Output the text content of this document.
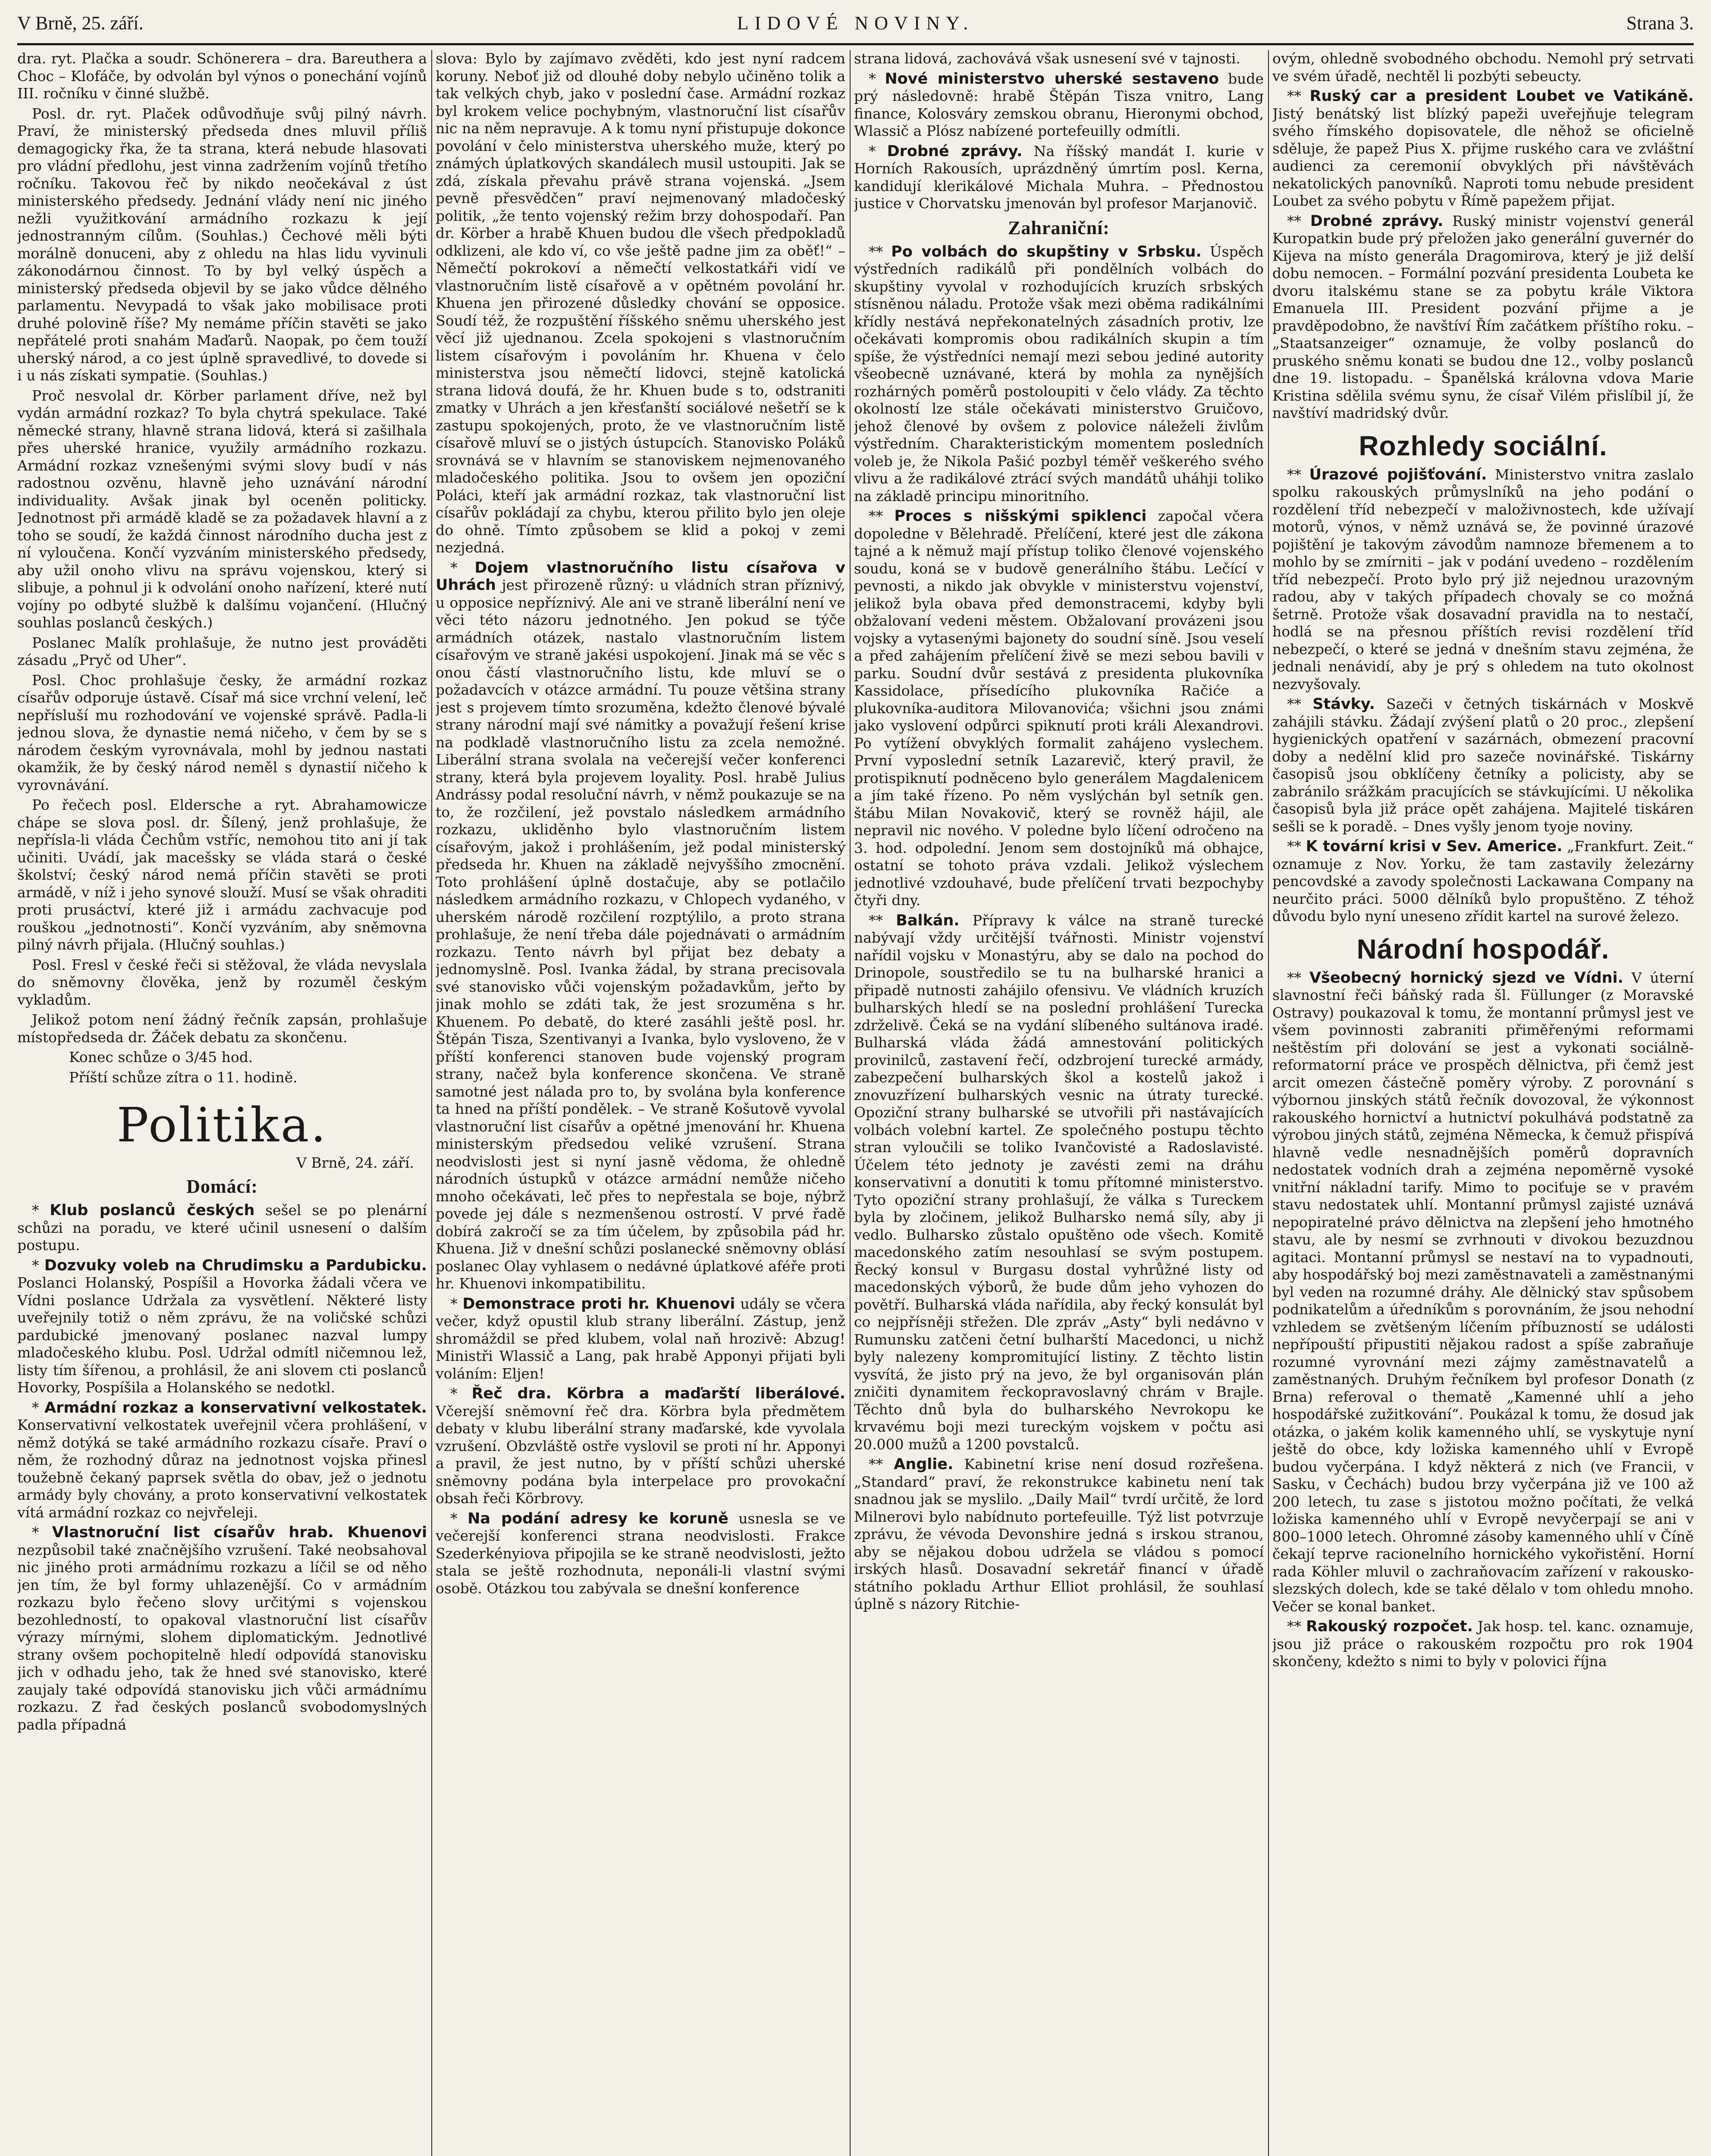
V Brně, 25. září.	LIDOVÉ NOVINY.	Strana 3.

dra. ryt. Plačka a soudr. Schönerera – dra. Bareuthera a Choc – Klofáče, by odvolán byl výnos o ponechání vojínů III. ročníku v činné službě.

Posl. dr. ryt. Plaček odůvodňuje svůj pilný návrh. Praví, že ministerský předseda dnes mluvil příliš demagogicky řka, že ta strana, která nebude hlasovati pro vládní předlohu, jest vinna zadržením vojínů třetího ročníku. Takovou řeč by nikdo neočekával z úst ministerského předsedy. Jednání vlády není nic jiného nežli využitkování armádního rozkazu k její jednostranným cílům. (Souhlas.) Čechové měli býti morálně donuceni, aby z ohledu na hlas lidu vyvinuli zákonodárnou činnost. To by byl velký úspěch a ministerský předseda objevil by se jako vůdce dělného parlamentu. Nevypadá to však jako mobilisace proti druhé polovině říše? My nemáme příčin stavěti se jako nepřátelé proti snahám Maďarů. Naopak, po čem touží uherský národ, a co jest úplně spravedlivé, to dovede si i u nás získati sympatie. (Souhlas.)

Proč nesvolal dr. Körber parlament dříve, než byl vydán armádní rozkaz? To byla chytrá spekulace. Také německé strany, hlavně strana lidová, která si zašilhala přes uherské hranice, využily armádního rozkazu. Armádní rozkaz vznešenými svými slovy budí v nás radostnou ozvěnu, hlavně jeho uznávání národní individuality. Avšak jinak byl oceněn politicky. Jednotnost při armádě kladě se za požadavek hlavní a z toho se soudí, že každá činnost národního ducha jest z ní vyloučena. Končí vyzváním ministerského předsedy, aby užil onoho vlivu na správu vojenskou, který si slibuje, a pohnul ji k odvolání onoho nařízení, které nutí vojíny po odbyté službě k dalšímu vojančení. (Hlučný souhlas poslanců českých.)

Poslanec Malík prohlašuje, že nutno jest prováděti zásadu „Pryč od Uher“.

Posl. Choc prohlašuje česky, že armádní rozkaz císařův odporuje ústavě. Císař má sice vrchní velení, leč nepřísluší mu rozhodování ve vojenské správě. Padla-li jednou slova, že dynastie nemá ničeho, v čem by se s národem českým vyrovnávala, mohl by jednou nastati okamžik, že by český národ neměl s dynastií ničeho k vyrovnávání.

Po řečech posl. Eldersche a ryt. Abrahamowicze chápe se slova posl. dr. Šílený, jenž prohlašuje, že nepřísla-li vláda Čechům vstříc, nemohou tito ani jí tak učiniti. Uvádí, jak macešsky se vláda stará o české školství; český národ nemá příčin stavěti se proti armádě, v níž i jeho synové slouží. Musí se však ohraditi proti prusáctví, které již i armádu zachvacuje pod rouškou „jednotnosti“. Končí vyzváním, aby sněmovna pilný návrh přijala. (Hlučný souhlas.)

Posl. Fresl v české řeči si stěžoval, že vláda nevyslala do sněmovny člověka, jenž by rozuměl českým vykladům.

Jelikož potom není žádný řečník zapsán, prohlašuje místopředseda dr. Žáček debatu za skončenu.

Konec schůze o 3/45 hod.

Příští schůze zítra o 11. hodině.

Politika.
V Brně, 24. září.
Domácí:

* Klub poslanců českých sešel se po plenární schůzi na poradu, ve které učinil usnesení o dalším postupu.

* Dozvuky voleb na Chrudimsku a Pardubicku. Poslanci Holanský, Pospíšil a Hovorka žádali včera ve Vídni poslance Udržala za vysvětlení. Některé listy uveřejnily totiž o něm zprávu, že na voličské schůzi pardubické jmenovaný poslanec nazval lumpy mladočeského klubu. Posl. Udržal odmítl ničemnou lež, listy tím šířenou, a prohlásil, že ani slovem cti poslanců Hovorky, Pospíšila a Holanského se nedotkl.

* Armádní rozkaz a konservativní velkostatek. Konservativní velkostatek uveřejnil včera prohlášení, v němž dotýká se také armádního rozkazu císaře. Praví o něm, že rozhodný důraz na jednotnost vojska přinesl toužebně čekaný paprsek světla do obav, jež o jednotu armády byly chovány, a proto konservativní velkostatek vítá armádní rozkaz co nejvřeleji.

* Vlastnoruční list císařův hrab. Khuenovi nezpůsobil také značnějšího vzrušení. Také neobsahoval nic jiného proti armádnímu rozkazu a líčil se od něho jen tím, že byl formy uhlazenější. Co v armádním rozkazu bylo řečeno slovy určitými s vojenskou bezohledností, to opakoval vlastnoruční list císařův výrazy mírnými, slohem diplomatickým. Jednotlivé strany ovšem pochopitelně hledí odpovídá stanovisku jich v odhadu jeho, tak že hned své stanovisko, které zaujaly také odpovídá stanovisku jich vůči armádnímu rozkazu. Z řad českých poslanců svobodomyslných padla případná

slova: Bylo by zajímavo zvěděti, kdo jest nyní radcem koruny. Neboť již od dlouhé doby nebylo učiněno tolik a tak velkých chyb, jako v poslední čase. Armádní rozkaz byl krokem velice pochybným, vlastnoruční list císařův nic na něm nepravuje. A k tomu nyní přistupuje dokonce povolání v čelo ministerstva uherského muže, který po známých úplatkových skandálech musil ustoupiti. Jak se zdá, získala převahu právě strana vojenská. „Jsem pevně přesvědčen“ praví nejmenovaný mladočeský politik, „že tento vojenský režim brzy dohospodaří. Pan dr. Körber a hrabě Khuen budou dle všech předpokladů odklizeni, ale kdo ví, co vše ještě padne jim za oběť!“ – Němečtí pokrokoví a němečtí velkostatkáři vidí ve vlastnoručním listě císařově a v opětném povolání hr. Khuena jen přirozené důsledky chování se opposice. Soudí též, že rozpuštění říšského sněmu uherského jest věcí již ujednanou. Zcela spokojeni s vlastnoručním listem císařovým i povoláním hr. Khuena v čelo ministerstva jsou němečtí lidovci, stejně katolická strana lidová doufá, že hr. Khuen bude s to, odstraniti zmatky v Uhrách a jen křesťanští sociálové nešetří se k zastupu spokojených, proto, že ve vlastnoručním listě císařově mluví se o jistých ústupcích. Stanovisko Poláků srovnává se v hlavním se stanoviskem nejmenovaného mladočeského politika. Jsou to ovšem jen opoziční Poláci, kteří jak armádní rozkaz, tak vlastnoruční list císařův pokládají za chybu, kterou přilito bylo jen oleje do ohně. Tímto způsobem se klid a pokoj v zemi nezjedná.

* Dojem vlastnoručního listu císařova v Uhrách jest přirozeně různý: u vládních stran příznivý, u opposice nepříznivý. Ale ani ve straně liberální není ve věci této názoru jednotného. Jen pokud se týče armádních otázek, nastalo vlastnoručním listem císařovým ve straně jakési uspokojení. Jinak má se věc s onou částí vlastnoručního listu, kde mluví se o požadavcích v otázce armádní. Tu pouze většina strany jest s projevem tímto srozuměna, kdežto členové bývalé strany národní mají své námitky a považují řešení krise na podkladě vlastnoručního listu za zcela nemožné. Liberální strana svolala na večerejší večer konferenci strany, která byla projevem loyality. Posl. hrabě Julius Andrássy podal resoluční návrh, v němž poukazuje se na to, že rozčilení, jež povstalo následkem armádního rozkazu, ukliděnho bylo vlastnoručním listem císařovým, jakož i prohlášením, jež podal ministerský předseda hr. Khuen na základě nejvyššího zmocnění. Toto prohlášení úplně dostačuje, aby se potlačilo následkem armádního rozkazu, v Chlopech vydaného, v uherském národě rozčilení rozptýlilo, a proto strana prohlašuje, že není třeba dále pojednávati o armádním rozkazu. Tento návrh byl přijat bez debaty a jednomyslně. Posl. Ivanka žádal, by strana precisovala své stanovisko vůči vojenským požadavkům, jeřto by jinak mohlo se zdáti tak, že jest srozuměna s hr. Khuenem. Po debatě, do které zasáhli ještě posl. hr. Štěpán Tisza, Szentivanyi a Ivanka, bylo vysloveno, že v příští konferenci stanoven bude vojenský program strany, načež byla konference skončena. Ve straně samotné jest nálada pro to, by svolána byla konference ta hned na příští pondělek. – Ve straně Košutově vyvolal vlastnoruční list císařův a opětné jmenování hr. Khuena ministerským předsedou veliké vzrušení. Strana neodvislosti jest si nyní jasně vědoma, že ohledně národních ústupků v otázce armádní nemůže ničeho mnoho očekávati, leč přes to nepřestala se boje, nýbrž povede jej dále s nezmenšenou ostrostí. V prvé řadě dobírá zakročí se za tím účelem, by způsobila pád hr. Khuena. Již v dnešní schůzi poslanecké sněmovny oblásí poslanec Olay vyhlasem o nedávné úplatkové aféře proti hr. Khuenovi inkompatibilitu.

* Demonstrace proti hr. Khuenovi udály se včera večer, když opustil klub strany liberální. Zástup, jenž shromáždil se před klubem, volal naň hrozivě: Abzug! Ministři Wlassič a Lang, pak hrabě Apponyi přijati byli voláním: Eljen!

* Řeč dra. Körbra a maďarští liberálové. Včerejší sněmovní řeč dra. Körbra byla předmětem debaty v klubu liberální strany maďarské, kde vyvolala vzrušení. Obzvláště ostře vyslovil se proti ní hr. Apponyi a pravil, že jest nutno, by v příští schůzi uherské sněmovny podána byla interpelace pro provokační obsah řeči Körbrovy.

* Na podání adresy ke koruně usnesla se ve večerejší konferenci strana neodvislosti. Frakce Szederkényiova připojila se ke straně neodvislosti, ježto stala se ještě rozhodnuta, neponáli-li vlastní svými osobě. Otázkou tou zabývala se dnešní konference

strana lidová, zachovává však usnesení své v tajnosti.

* Nové ministerstvo uherské sestaveno bude prý následovně: hrabě Štěpán Tisza vnitro, Lang finance, Kolosváry zemskou obranu, Hieronymi obchod, Wlassič a Plósz nabízené portefeuilly odmítli.

* Drobné zprávy. Na říšský mandát I. kurie v Horních Rakousích, uprázdněný úmrtím posl. Kerna, kandidují klerikálové Michala Muhra. – Přednostou justice v Chorvatsku jmenován byl profesor Marjanovič.

Zahraniční:

** Po volbách do skupštiny v Srbsku. Úspěch výstředních radikálů při pondělních volbách do skupštiny vyvolal v rozhodujících kruzích srbských stísněnou náladu. Protože však mezi oběma radikálními křídly nestává nepřekonatelných zásadních protiv, lze očekávati kompromis obou radikálních skupin a tím spíše, že výstředníci nemají mezi sebou jediné autority všeobecně uznávané, která by mohla za nynějších rozhárných poměrů postoloupiti v čelo vlády. Za těchto okolností lze stále očekávati ministerstvo Gruičovo, jehož členové by ovšem z polovice náleželi živlům výstředním. Charakteristickým momentem posledních voleb je, že Nikola Pašić pozbyl téměř veškerého svého vlivu a že radikálové ztrácí svých mandátů uháhji toliko na základě principu minoritního.

** Proces s nišskými spiklenci započal včera dopoledne v Bělehradě. Přelíčení, které jest dle zákona tajné a k němuž mají přístup toliko členové vojenského soudu, koná se v budově generálního štábu. Lečící v pevnosti, a nikdo jak obvykle v ministerstvu vojenství, jelikož byla obava před demonstracemi, kdyby byli obžalovaní vedeni městem. Obžalovaní provázeni jsou vojsky a vytasenými bajonety do soudní síně. Jsou veselí a před zahájením přelíčení živě se mezi sebou bavili v parku. Soudní dvůr sestává z presidenta plukovníka Kassidolace, přísedícího plukovníka Račiće a plukovníka-auditora Milovanovića; všichni jsou známi jako vyslovení odpůrci spiknutí proti králi Alexandrovi. Po vytížení obvyklých formalit zahájeno vyslechem. První vyposlední setník Lazarevič, který pravil, že protispiknutí podněceno bylo generálem Magdalenicem a jím také řízeno. Po něm vyslýchán byl setník gen. štábu Milan Novakovič, který se rovněž hájil, ale nepravil nic nového. V poledne bylo líčení odročeno na 3. hod. odpolední. Jenom sem dostojníků má obhajce, ostatní se tohoto práva vzdali. Jelikož výslechem jednotlivé vzdouhavé, bude přelíčení trvati bezpochyby čtyři dny.

** Balkán. Přípravy k válce na straně turecké nabývají vždy určitější tvářnosti. Ministr vojenství nařídil vojsku v Monastýru, aby se dalo na pochod do Drinopole, soustředilo se tu na bulharské hranici a připadě nutnosti zahájilo ofensivu. Ve vládních kruzích bulharských hledí se na poslední prohlášení Turecka zdrželivě. Čeká se na vydání slíbeného sultánova iradé. Bulharská vláda žádá amnestování politických provinilců, zastavení řečí, odzbrojení turecké armády, zabezpečení bulharských škol a kostelů jakož i znovuzřízení bulharských vesnic na útraty turecké. Opoziční strany bulharské se utvořili při nastávajících volbách volební kartel. Ze společného postupu těchto stran vyloučili se toliko Ivančovisté a Radoslavisté. Účelem této jednoty je zavésti zemi na dráhu konservativní a donutiti k tomu přítomné ministerstvo. Tyto opoziční strany prohlašují, že válka s Tureckem byla by zločinem, jelikož Bulharsko nemá síly, aby ji vedlo. Bulharsko zůstalo opuštěno ode všech. Komitě macedonského zatím nesouhlasí se svým postupem. Řecký konsul v Burgasu dostal vyhrůžné listy od macedonských výborů, že bude dům jeho vyhozen do povětří. Bulharská vláda nařídila, aby řecký konsulát byl co nejpřísněji střežen. Dle zpráv „Asty“ byli nedávno v Rumunsku zatčeni četní bulharští Macedonci, u nichž byly nalezeny kompromitující listiny. Z těchto listin vysvítá, že jisto prý na jevo, že byl organisován plán zničiti dynamitem řeckopravoslavný chrám v Brajle. Těchto dnů byla do bulharského Nevrokopu ke krvavému boji mezi tureckým vojskem v počtu asi 20.000 mužů a 1200 povstalců.

** Anglie. Kabinetní krise není dosud rozřešena. „Standard“ praví, že rekonstrukce kabinetu není tak snadnou jak se myslilo. „Daily Mail“ tvrdí určitě, že lord Milnerovi bylo nabídnuto portefeuille. Týž list potvrzuje zprávu, že vévoda Devonshire jedná s irskou stranou, aby se nějakou dobou udržela se vládou s pomocí irských hlasů. Dosavadní sekretář financí v úřadě státního pokladu Arthur Elliot prohlásil, že souhlasí úplně s názory Ritchie-

ovým, ohledně svobodného obchodu. Nemohl prý setrvati ve svém úřadě, nechtěl li pozbýti sebeucty.

** Ruský car a president Loubet ve Vatikáně. Jistý benátský list blízký papeži uveřejňuje telegram svého římského dopisovatele, dle něhož se oficielně sděluje, že papež Pius X. přijme ruského cara ve zvláštní audienci za ceremonií obvyklých při návštěvách nekatolických panovníků. Naproti tomu nebude president Loubet za svého pobytu v Římě papežem přijat.

** Drobné zprávy. Ruský ministr vojenství generál Kuropatkin bude prý přeložen jako generální guvernér do Kijeva na místo generála Dragomirova, který je již delší dobu nemocen. – Formální pozvání presidenta Loubeta ke dvoru italskému stane se za pobytu krále Viktora Emanuela III. President pozvání přijme a je pravděpodobno, že navštíví Řím začátkem příštího roku. – „Staatsanzeiger“ oznamuje, že volby poslanců do pruského sněmu konati se budou dne 12., volby poslanců dne 19. listopadu. – Španělská královna vdova Marie Kristina sdělila svému synu, že císař Vilém přislíbil jí, že navštíví madridský dvůr.

Rozhledy sociální.

** Úrazové pojišťování. Ministerstvo vnitra zaslalo spolku rakouských průmyslníků na jeho podání o rozdělení tříd nebezpečí v maloživnostech, kde užívají motorů, výnos, v němž uznává se, že povinné úrazové pojištění je takovým závodům namnoze břemenem a to mohlo by se zmírniti – jak v podání uvedeno – rozdělením tříd nebezpečí. Proto bylo prý již nejednou urazovným radou, aby v takých případech chovaly se co možná šetrně. Protože však dosavadní pravidla na to nestačí, hodlá se na přesnou příštích revisi rozdělení tříd nebezpečí, o které se jedná v dnešním stavu zejména, že jednali nenávidí, aby je prý s ohledem na tuto okolnost nezvyšovaly.

** Stávky. Sazeči v četných tiskárnách v Moskvě zahájili stávku. Žádají zvýšení platů o 20 proc., zlepšení hygienických opatření v sazárnách, obmezení pracovní doby a nedělní klid pro sazeče novinářské. Tiskárny časopisů jsou obklíčeny četníky a policisty, aby se zabránilo srážkám pracujících se stávkujícími. U několika časopisů byla již práce opět zahájena. Majitelé tiskáren sešli se k poradě. – Dnes vyšly jenom tyoje noviny.

** K tovární krisi v Sev. Americe. „Frankfurt. Zeit.“ oznamuje z Nov. Yorku, že tam zastavily železárny pencovdské a zavody společnosti Lackawana Company na neurčito práci. 5000 dělníků bylo propuštěno. Z téhož důvodu bylo nyní uneseno zřídit kartel na surové železo.

Národní hospodář.

** Všeobecný hornický sjezd ve Vídni. V úterní slavnostní řeči báňský rada šl. Füllunger (z Moravské Ostravy) poukazoval k tomu, že montanní průmysl jest ve všem povinnosti zabraniti přiměřenými reformami neštěstím při dolování se jest a vykonati sociálně-reformatorní práce ve prospěch dělnictva, při čemž jest arcit omezen částečně poměry výroby. Z porovnání s výbornou jinských států řečník dovozoval, že výkonnost rakouského hornictví a hutnictví pokulhává podstatně za výrobou jiných států, zejména Německa, k čemuž přispívá hlavně vedle nesnadnějších poměrů dopravních nedostatek vodních drah a zejména nepoměrně vysoké vnitřní nákladní tarify. Mimo to pociťuje se v pravém stavu nedostatek uhlí. Montanní průmysl zajisté uznává nepopiratelné právo dělnictva na zlepšení jeho hmotného stavu, ale by nesmí se zvrhnouti v divokou bezuzdnou agitaci. Montanní průmysl se nestaví na to vypadnouti, aby hospodářský boj mezi zaměstnavateli a zaměstnanými byl veden na rozumné dráhy. Ale dělnický stav spůsobem podnikatelům a úředníkům s porovnáním, že jsou nehodní vzhledem se zvětšeným líčením příbuzností se události nepřípouští připustiti nějakou radost a spíše zabraňuje rozumné vyrovnání mezi zájmy zaměstnavatelů a zaměstnaných. Druhým řečníkem byl profesor Donath (z Brna) referoval o thematě „Kamenné uhlí a jeho hospodářské zužitkování“. Poukázal k tomu, že dosud jak otázka, o jakém kolik kamenného uhlí, se vyskytuje nyní ještě do obce, kdy ložiska kamenného uhlí v Evropě budou vyčerpána. I když některá z nich (ve Francii, v Sasku, v Čechách) budou brzy vyčerpána již ve 100 až 200 letech, tu zase s jistotou možno počítati, že velká ložiska kamenného uhlí v Evropě nevyčerpají se ani v 800–1000 letech. Ohromné zásoby kamenného uhlí v Číně čekají teprve racionelního hornického vykořistění. Horní rada Köhler mluvil o zachraňovacím zařízení v rakousko-slezských dolech, kde se také dělalo v tom ohledu mnoho. Večer se konal banket.

** Rakouský rozpočet. Jak hosp. tel. kanc. oznamuje, jsou již práce o rakouském rozpočtu pro rok 1904 skončeny, kdežto s nimi to byly v polovici října
